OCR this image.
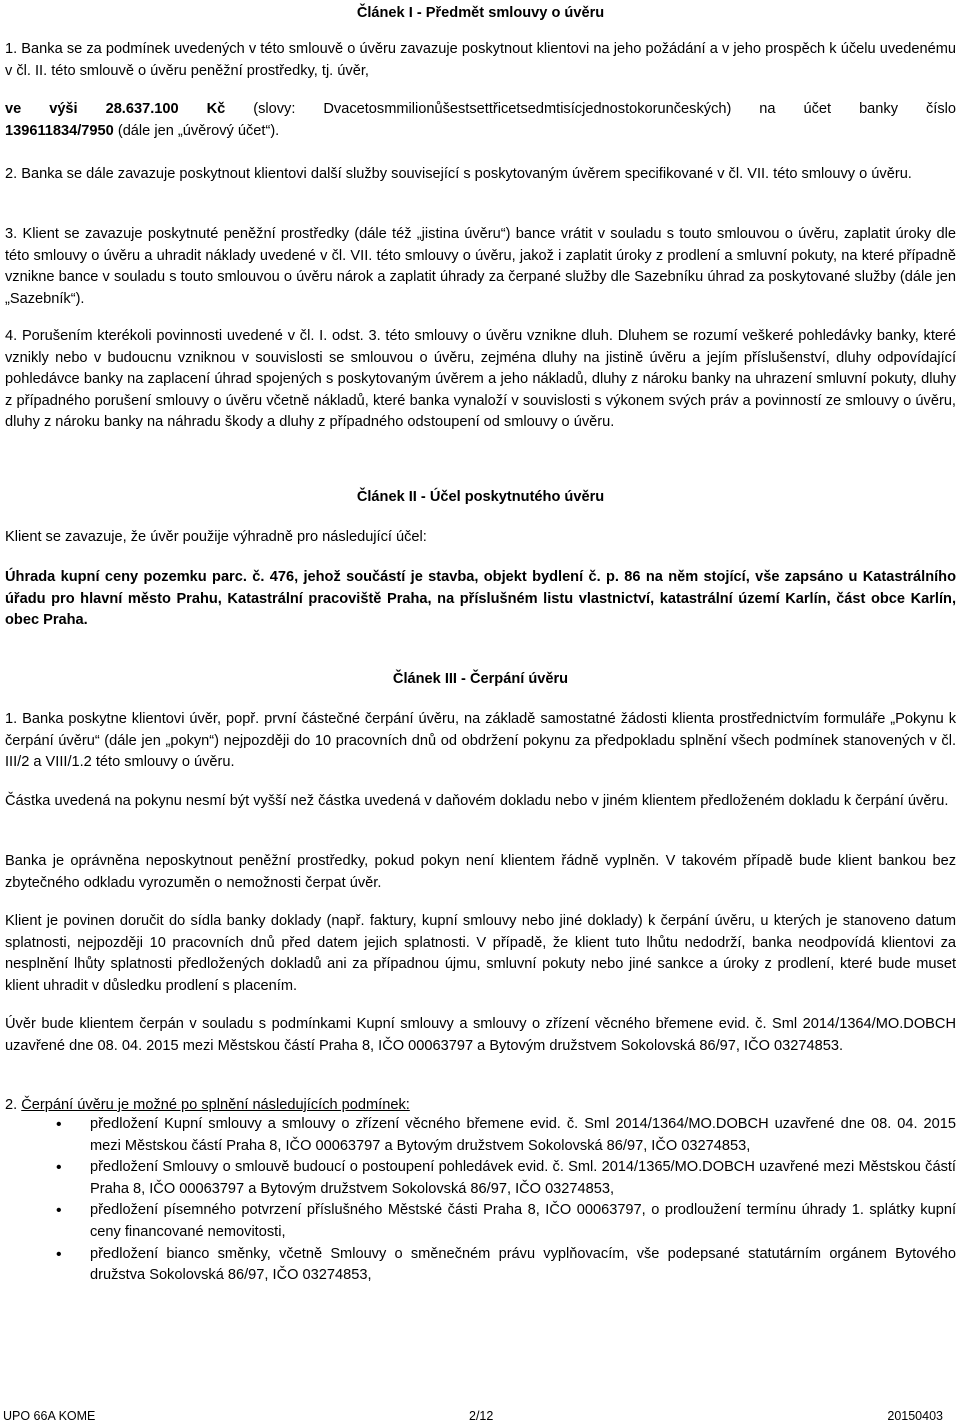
Článek I - Předmět smlouvy o úvěru

1. Banka se za podmínek uvedených v této smlouvě o úvěru zavazuje poskytnout klientovi na jeho požádání a v jeho prospěch k účelu uvedenému v čl. II. této smlouvě o úvěru peněžní prostředky, tj. úvěr,

ve výši 28.637.100 Kč (slovy: Dvacetosmmilionůšestsettřicetsedmtisícjednostokorunčeských) na účet banky číslo

139611834/7950 (dále jen „úvěrový účet“).

2. Banka se dále zavazuje poskytnout klientovi další služby související s poskytovaným úvěrem specifikované v čl. VII. této smlouvy o úvěru.

3. Klient se zavazuje poskytnuté peněžní prostředky (dále též „jistina úvěru“) bance vrátit v souladu s touto smlouvou o úvěru, zaplatit úroky dle této smlouvy o úvěru a uhradit náklady uvedené v čl. VII. této smlouvy o úvěru, jakož i zaplatit úroky z prodlení a smluvní pokuty, na které případně vznikne bance v souladu s touto smlouvou o úvěru nárok a zaplatit úhrady za čerpané služby dle Sazebníku úhrad za poskytované služby (dále jen „Sazebník“).

4. Porušením kterékoli povinnosti uvedené v čl. I. odst. 3. této smlouvy o úvěru vznikne dluh. Dluhem se rozumí veškeré pohledávky banky, které vznikly nebo v budoucnu vzniknou v souvislosti se smlouvou o úvěru, zejména dluhy na jistině úvěru a jejím příslušenství, dluhy odpovídající pohledávce banky na zaplacení úhrad spojených s poskytovaným úvěrem a jeho nákladů, dluhy z nároku banky na uhrazení smluvní pokuty, dluhy z případného porušení smlouvy o úvěru včetně nákladů, které banka vynaloží v souvislosti s výkonem svých práv a povinností ze smlouvy o úvěru, dluhy z nároku banky na náhradu škody a dluhy z případného odstoupení od smlouvy o úvěru.

Článek II - Účel poskytnutého úvěru

Klient se zavazuje, že úvěr použije výhradně pro následující účel:

Úhrada kupní ceny pozemku parc. č. 476, jehož součástí je stavba, objekt bydlení č. p. 86 na něm stojící, vše zapsáno u Katastrálního úřadu pro hlavní město Prahu, Katastrální pracoviště Praha, na příslušném listu vlastnictví, katastrální území Karlín, část obce Karlín, obec Praha.

Článek III - Čerpání úvěru

1. Banka poskytne klientovi úvěr, popř. první částečné čerpání úvěru, na základě samostatné žádosti klienta prostřednictvím formuláře „Pokynu k čerpání úvěru“ (dále jen „pokyn“) nejpozději do 10 pracovních dnů od obdržení pokynu za předpokladu splnění všech podmínek stanovených v čl. III/2 a VIII/1.2 této smlouvy o úvěru.

Částka uvedená na pokynu nesmí být vyšší než částka uvedená v daňovém dokladu nebo v jiném klientem předloženém dokladu k čerpání úvěru.

Banka je oprávněna neposkytnout peněžní prostředky, pokud pokyn není klientem řádně vyplněn. V takovém případě bude klient bankou bez zbytečného odkladu vyrozuměn o nemožnosti čerpat úvěr.

Klient je povinen doručit do sídla banky doklady (např. faktury, kupní smlouvy nebo jiné doklady) k čerpání úvěru, u kterých je stanoveno datum splatnosti, nejpozději 10 pracovních dnů před datem jejich splatnosti. V případě, že klient tuto lhůtu nedodrží, banka neodpovídá klientovi za nesplnění lhůty splatnosti předložených dokladů ani za případnou újmu, smluvní pokuty nebo jiné sankce a úroky z prodlení, které bude muset klient uhradit v důsledku prodlení s placením.

Úvěr bude klientem čerpán v souladu s podmínkami Kupní smlouvy a smlouvy o zřízení věcného břemene evid. č. Sml 2014/1364/MO.DOBCH uzavřené dne 08. 04. 2015 mezi Městskou částí Praha 8, IČO 00063797 a Bytovým družstvem Sokolovská 86/97, IČO 03274853.

2. Čerpání úvěru je možné po splnění následujících podmínek:

• předložení Kupní smlouvy a smlouvy o zřízení věcného břemene evid. č. Sml 2014/1364/MO.DOBCH uzavřené dne 08. 04. 2015 mezi Městskou částí Praha 8, IČO 00063797 a Bytovým družstvem Sokolovská 86/97, IČO 03274853,
• předložení Smlouvy o smlouvě budoucí o postoupení pohledávek evid. č. Sml. 2014/1365/MO.DOBCH uzavřené mezi Městskou částí Praha 8, IČO 00063797 a Bytovým družstvem Sokolovská 86/97, IČO 03274853,
• předložení písemného potvrzení příslušného Městské části Praha 8, IČO 00063797, o prodloužení termínu úhrady 1. splátky kupní ceny financované nemovitosti,
• předložení bianco směnky, včetně Smlouvy o směnečném právu vyplňovacím, vše podepsané statutárním orgánem Bytového družstva Sokolovská 86/97, IČO 03274853,
UPO 66A KOME	2/12	20150403
